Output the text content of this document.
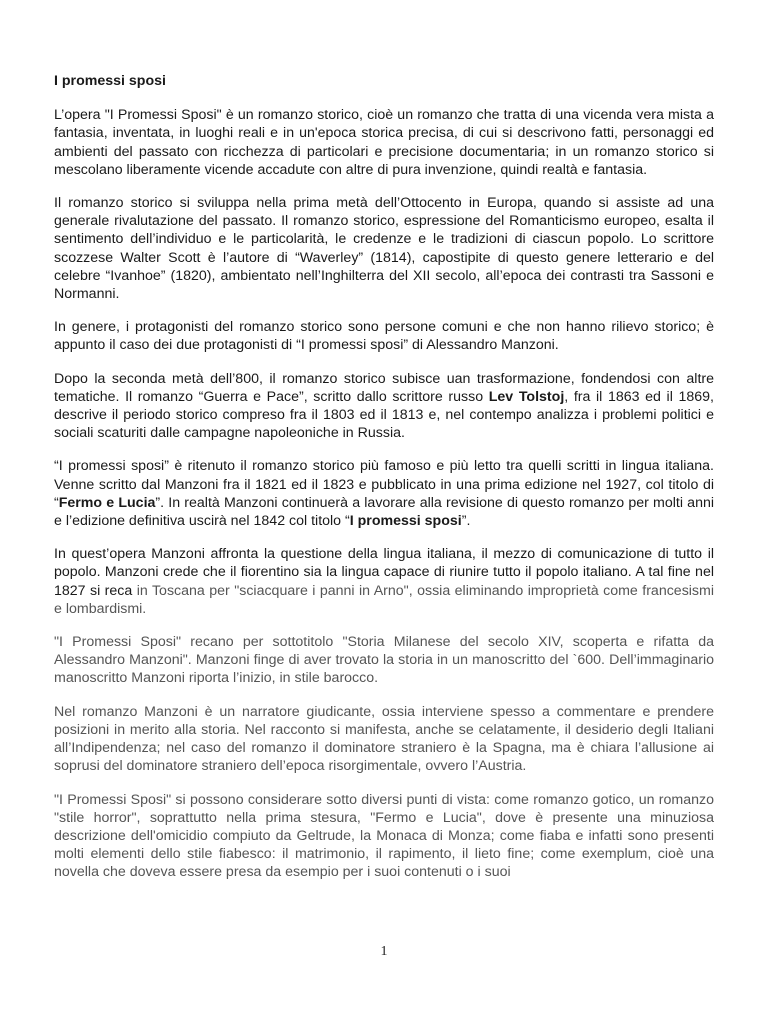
I promessi sposi

L’opera "I Promessi Sposi" è un romanzo storico, cioè un romanzo che tratta di una vicenda vera mista a fantasia, inventata, in luoghi reali e in un'epoca storica precisa, di cui si descrivono fatti, personaggi ed ambienti del passato con ricchezza di particolari e precisione documentaria; in un romanzo storico si mescolano liberamente vicende accadute con altre di pura invenzione, quindi realtà e fantasia.

Il romanzo storico si sviluppa nella prima metà dell’Ottocento in Europa, quando si assiste ad una generale rivalutazione del passato. Il romanzo storico, espressione del Romanticismo europeo, esalta il sentimento dell’individuo e le particolarità, le credenze e le tradizioni di ciascun popolo. Lo scrittore scozzese Walter Scott è l’autore di “Waverley” (1814), capostipite di questo genere letterario e del celebre “Ivanhoe” (1820), ambientato nell’Inghilterra del XII secolo, all’epoca dei contrasti tra Sassoni e Normanni.

In genere, i protagonisti del romanzo storico sono persone comuni e che non hanno rilievo storico; è appunto il caso dei due protagonisti di “I promessi sposi” di Alessandro Manzoni.

Dopo la seconda metà dell’800, il romanzo storico subisce uan trasformazione, fondendosi con altre tematiche. Il romanzo “Guerra e Pace”, scritto dallo scrittore russo Lev Tolstoj, fra il 1863 ed il 1869, descrive il periodo storico compreso fra il 1803 ed il 1813 e, nel contempo analizza i problemi politici e sociali scaturiti dalle campagne napoleoniche in Russia.

“I promessi sposi” è ritenuto il romanzo storico più famoso e più letto tra quelli scritti in lingua italiana. Venne scritto dal Manzoni fra il 1821 ed il 1823 e pubblicato in una prima edizione nel 1927, col titolo di “Fermo e Lucia”. In realtà Manzoni continuerà a lavorare alla revisione di questo romanzo per molti anni e l’edizione definitiva uscirà nel 1842 col titolo “I promessi sposi”.

In quest’opera Manzoni affronta la questione della lingua italiana, il mezzo di comunicazione di tutto il popolo. Manzoni crede che il fiorentino sia la lingua capace di riunire tutto il popolo italiano. A tal fine nel 1827 si reca in Toscana per "sciacquare i panni in Arno", ossia eliminando improprietà come francesismi e lombardismi.

"I Promessi Sposi" recano per sottotitolo "Storia Milanese del secolo XIV, scoperta e rifatta da Alessandro Manzoni". Manzoni finge di aver trovato la storia in un manoscritto del `600. Dell’immaginario manoscritto Manzoni riporta l’inizio, in stile barocco.

Nel romanzo Manzoni è un narratore giudicante, ossia interviene spesso a commentare e prendere posizioni in merito alla storia. Nel racconto si manifesta, anche se celatamente, il desiderio degli Italiani all’Indipendenza; nel caso del romanzo il dominatore straniero è la Spagna, ma è chiara l’allusione ai soprusi del dominatore straniero dell’epoca risorgimentale, ovvero l’Austria.

"I Promessi Sposi" si possono considerare sotto diversi punti di vista: come romanzo gotico, un romanzo "stile horror", soprattutto nella prima stesura, "Fermo e Lucia", dove è presente una minuziosa descrizione dell'omicidio compiuto da Geltrude, la Monaca di Monza; come fiaba e infatti sono presenti molti elementi dello stile fiabesco: il matrimonio, il rapimento, il lieto fine; come exemplum, cioè una novella che doveva essere presa da esempio per i suoi contenuti o i suoi

1
